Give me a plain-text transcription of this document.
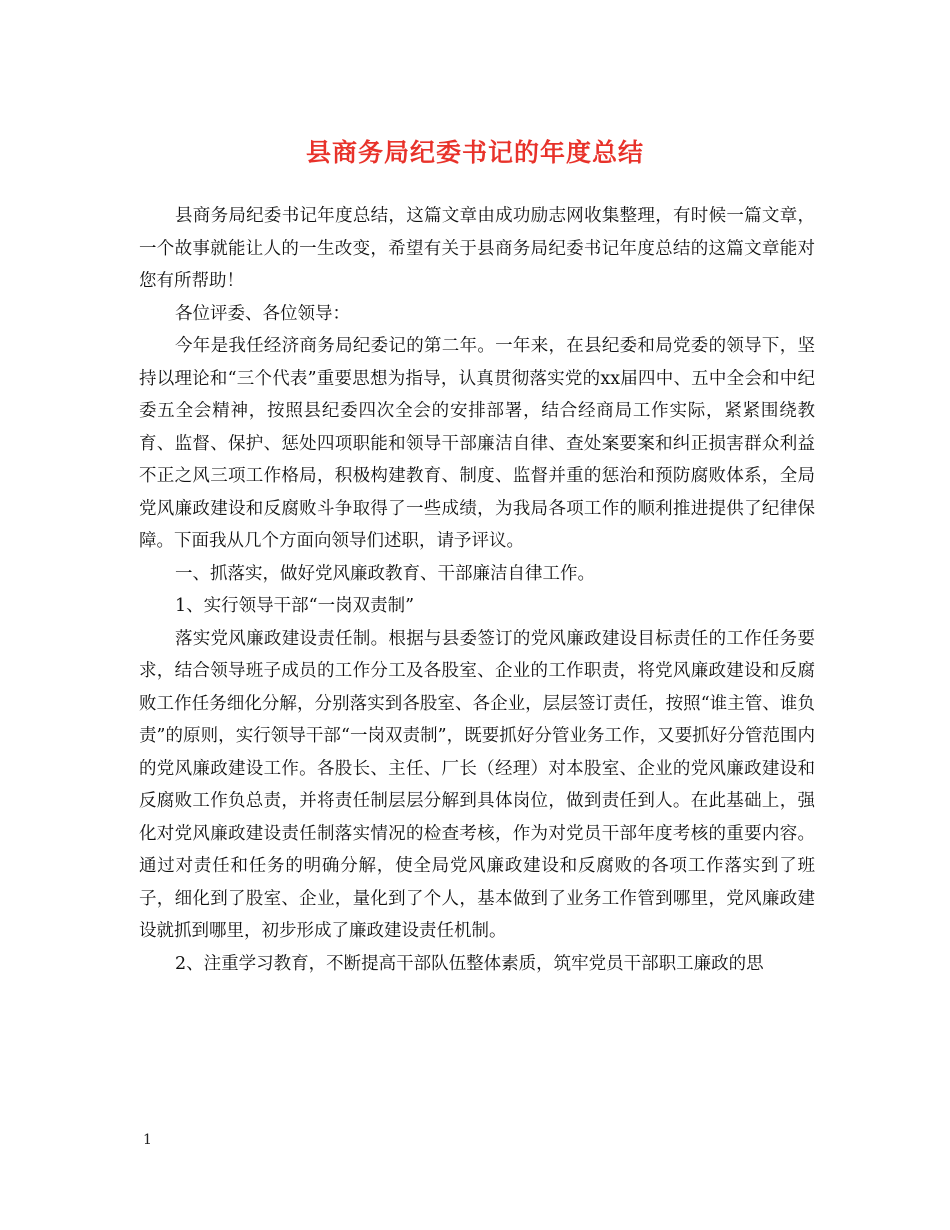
县商务局纪委书记的年度总结

县商务局纪委书记年度总结，这篇文章由成功励志网收集整理，有时候一篇文章，一个故事就能让人的一生改变，希望有关于县商务局纪委书记年度总结的这篇文章能对您有所帮助！

各位评委、各位领导：

今年是我任经济商务局纪委记的第二年。一年来，在县纪委和局党委的领导下，坚持以理论和“三个代表”重要思想为指导，认真贯彻落实党的xx届四中、五中全会和中纪委五全会精神，按照县纪委四次全会的安排部署，结合经商局工作实际，紧紧围绕教育、监督、保护、惩处四项职能和领导干部廉洁自律、查处案要案和纠正损害群众利益不正之风三项工作格局，积极构建教育、制度、监督并重的惩治和预防腐败体系，全局党风廉政建设和反腐败斗争取得了一些成绩，为我局各项工作的顺利推进提供了纪律保障。下面我从几个方面向领导们述职，请予评议。

一、抓落实，做好党风廉政教育、干部廉洁自律工作。

1、实行领导干部“一岗双责制”

落实党风廉政建设责任制。根据与县委签订的党风廉政建设目标责任的工作任务要求，结合领导班子成员的工作分工及各股室、企业的工作职责，将党风廉政建设和反腐败工作任务细化分解，分别落实到各股室、各企业，层层签订责任，按照“谁主管、谁负责”的原则，实行领导干部“一岗双责制”，既要抓好分管业务工作，又要抓好分管范围内的党风廉政建设工作。各股长、主任、厂长（经理）对本股室、企业的党风廉政建设和反腐败工作负总责，并将责任制层层分解到具体岗位，做到责任到人。在此基础上，强化对党风廉政建设责任制落实情况的检查考核，作为对党员干部年度考核的重要内容。通过对责任和任务的明确分解，使全局党风廉政建设和反腐败的各项工作落实到了班子，细化到了股室、企业，量化到了个人，基本做到了业务工作管到哪里，党风廉政建设就抓到哪里，初步形成了廉政建设责任机制。

2、注重学习教育，不断提高干部队伍整体素质，筑牢党员干部职工廉政的思

1
